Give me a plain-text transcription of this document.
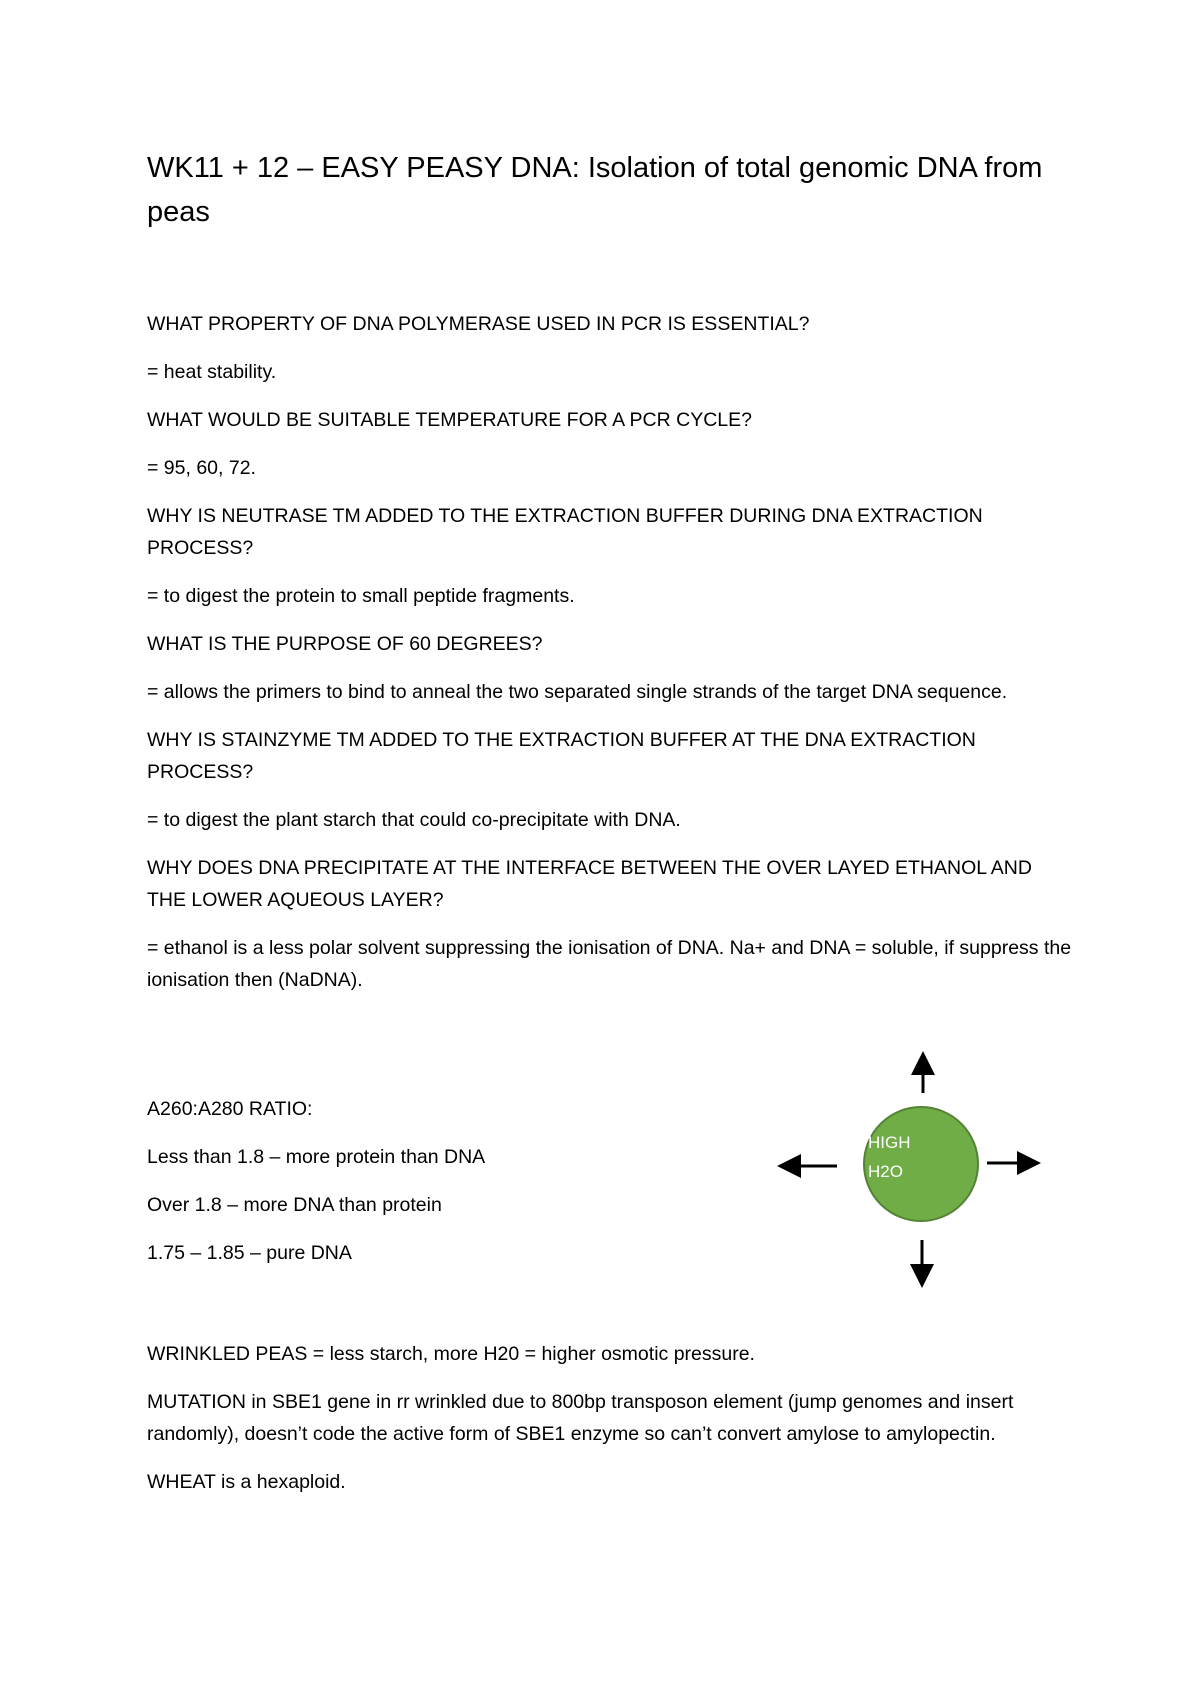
WK11 + 12 – EASY PEASY DNA: Isolation of total genomic DNA from peas

WHAT PROPERTY OF DNA POLYMERASE USED IN PCR IS ESSENTIAL?

= heat stability.

WHAT WOULD BE SUITABLE TEMPERATURE FOR A PCR CYCLE?

= 95, 60, 72.

WHY IS NEUTRASE TM ADDED TO THE EXTRACTION BUFFER DURING DNA EXTRACTION PROCESS?

= to digest the protein to small peptide fragments.

WHAT IS THE PURPOSE OF 60 DEGREES?

= allows the primers to bind to anneal the two separated single strands of the target DNA sequence.

WHY IS STAINZYME TM ADDED TO THE EXTRACTION BUFFER AT THE DNA EXTRACTION PROCESS?

= to digest the plant starch that could co-precipitate with DNA.

WHY DOES DNA PRECIPITATE AT THE INTERFACE BETWEEN THE OVER LAYED ETHANOL AND THE LOWER AQUEOUS LAYER?

= ethanol is a less polar solvent suppressing the ionisation of DNA. Na+ and DNA = soluble, if suppress the ionisation then (NaDNA).

A260:A280 RATIO:

Less than 1.8 – more protein than DNA

Over 1.8 – more DNA than protein

1.75 – 1.85 – pure DNA

HIGH
H2O

WRINKLED PEAS = less starch, more H20 = higher osmotic pressure.

MUTATION in SBE1 gene in rr wrinkled due to 800bp transposon element (jump genomes and insert randomly), doesn’t code the active form of SBE1 enzyme so can’t convert amylose to amylopectin.

WHEAT is a hexaploid.
